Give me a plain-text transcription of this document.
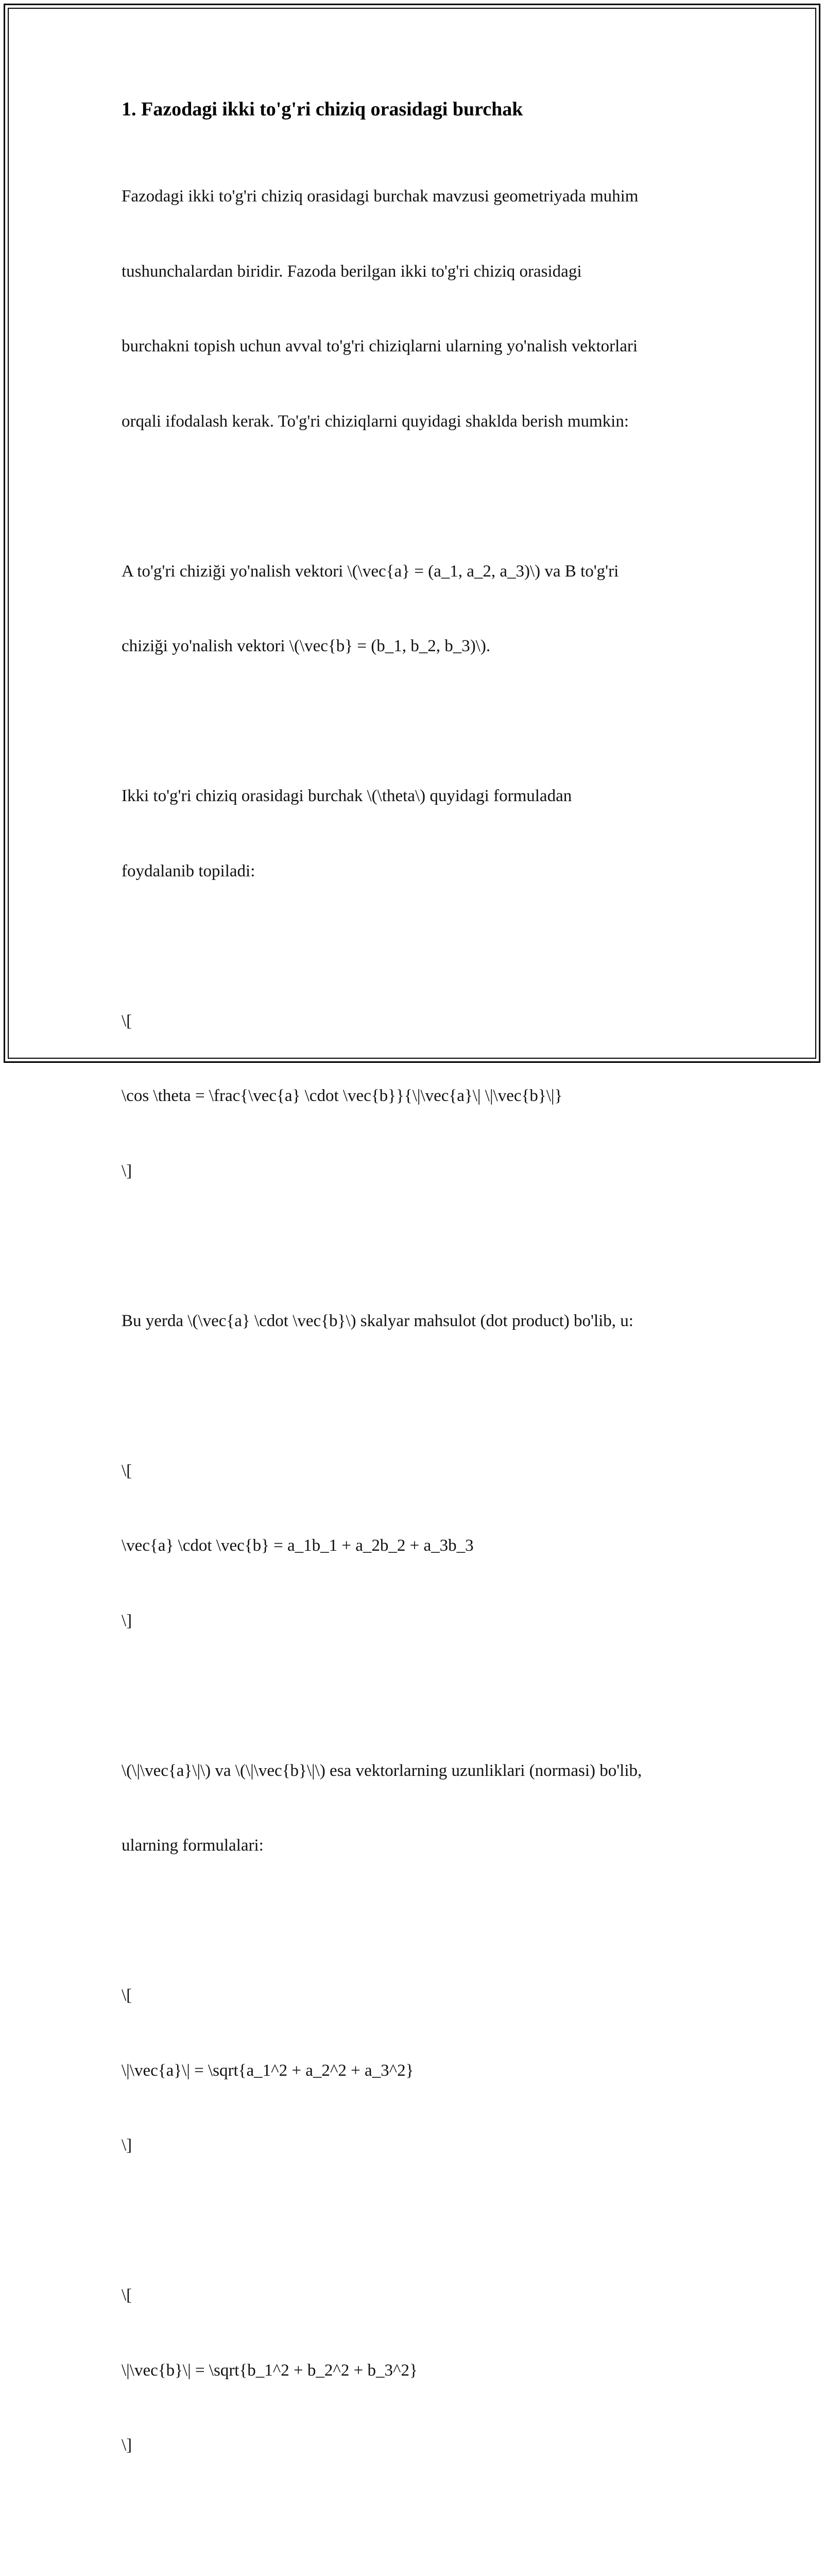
1. Fazodagi ikki to'g'ri chiziq orasidagi burchak

Fazodagi ikki to'g'ri chiziq orasidagi burchak mavzusi geometriyada muhim

tushunchalardan biridir. Fazoda berilgan ikki to'g'ri chiziq orasidagi

burchakni topish uchun avval to'g'ri chiziqlarni ularning yo'nalish vektorlari

orqali ifodalash kerak. To'g'ri chiziqlarni quyidagi shaklda berish mumkin:

A to'g'ri chiziği yo'nalish vektori \(\vec{a} = (a_1, a_2, a_3)\) va B to'g'ri

chiziği yo'nalish vektori \(\vec{b} = (b_1, b_2, b_3)\).

Ikki to'g'ri chiziq orasidagi burchak \(\theta\) quyidagi formuladan

foydalanib topiladi:

\[

\cos \theta = \frac{\vec{a} \cdot \vec{b}}{\|\vec{a}\| \|\vec{b}\|}

\]

Bu yerda \(\vec{a} \cdot \vec{b}\) skalyar mahsulot (dot product) bo'lib, u:

\[

\vec{a} \cdot \vec{b} = a_1b_1 + a_2b_2 + a_3b_3

\]

\(\|\vec{a}\|\) va \(\|\vec{b}\|\) esa vektorlarning uzunliklari (normasi) bo'lib,

ularning formulalari:

\[

\|\vec{a}\| = \sqrt{a_1^2 + a_2^2 + a_3^2}

\]

\[

\|\vec{b}\| = \sqrt{b_1^2 + b_2^2 + b_3^2}

\]
